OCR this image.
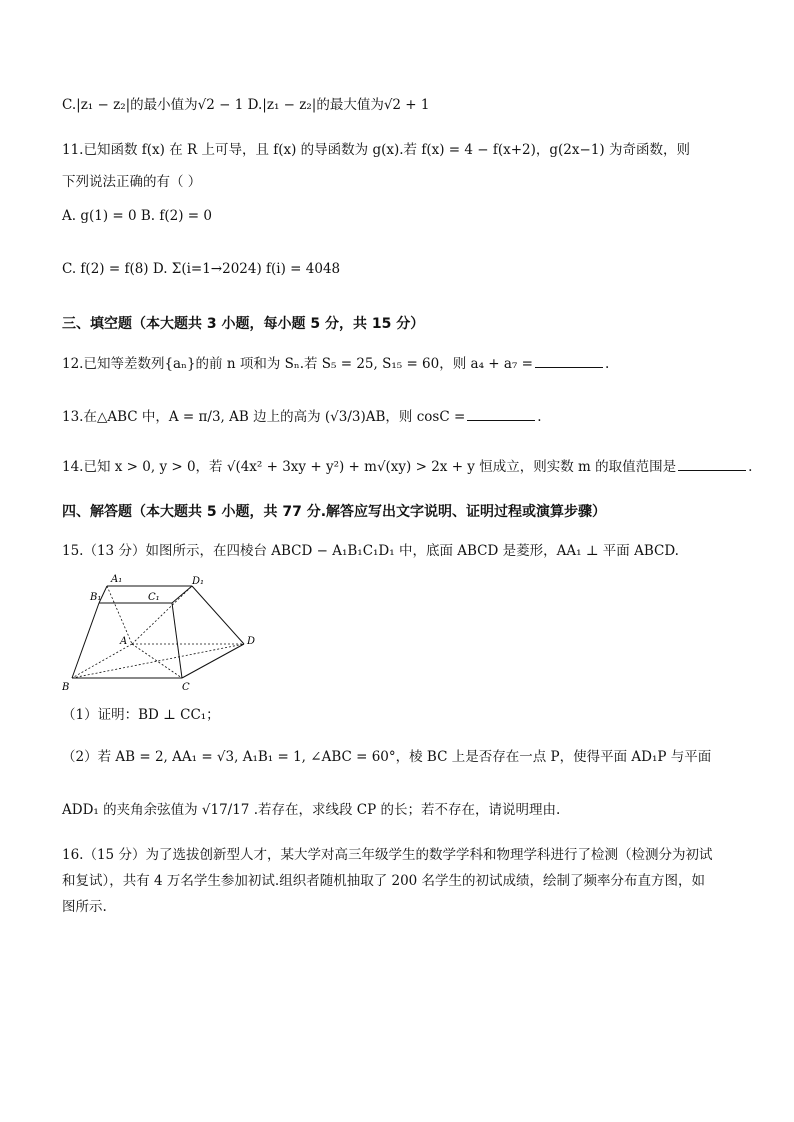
C.|z₁ − z₂|的最小值为√2 − 1 D.|z₁ − z₂|的最大值为√2 + 1
11.已知函数 f(x) 在 R 上可导，且 f(x) 的导函数为 g(x).若 f(x) = 4 − f(x+2)，g(2x−1) 为奇函数，则
下列说法正确的有（ ）
A. g(1) = 0 B. f(2) = 0
C. f(2) = f(8) D. Σ(i=1→2024) f(i) = 4048
三、填空题（本大题共 3 小题，每小题 5 分，共 15 分）
12.已知等差数列{aₙ}的前 n 项和为 Sₙ.若 S₅ = 25, S₁₅ = 60，则 a₄ + a₇ =	.
13.在△ABC 中，A = π/3, AB 边上的高为 (√3/3)AB，则 cosC =	.
14.已知 x > 0, y > 0，若 √(4x² + 3xy + y²) + m√(xy) > 2x + y 恒成立，则实数 m 的取值范围是	.
四、解答题（本大题共 5 小题，共 77 分.解答应写出文字说明、证明过程或演算步骤）
15.（13 分）如图所示，在四棱台 ABCD − A₁B₁C₁D₁ 中，底面 ABCD 是菱形，AA₁ ⊥ 平面 ABCD.
A₁	D₁
B₁	C₁
A	D
B	C
（1）证明：BD ⊥ CC₁；
（2）若 AB = 2, AA₁ = √3, A₁B₁ = 1, ∠ABC = 60°，棱 BC 上是否存在一点 P，使得平面 AD₁P 与平面
ADD₁ 的夹角余弦值为 √17/17 .若存在，求线段 CP 的长；若不存在，请说明理由.
16.（15 分）为了选拔创新型人才，某大学对高三年级学生的数学学科和物理学科进行了检测（检测分为初试
和复试），共有 4 万名学生参加初试.组织者随机抽取了 200 名学生的初试成绩，绘制了频率分布直方图，如
图所示.
